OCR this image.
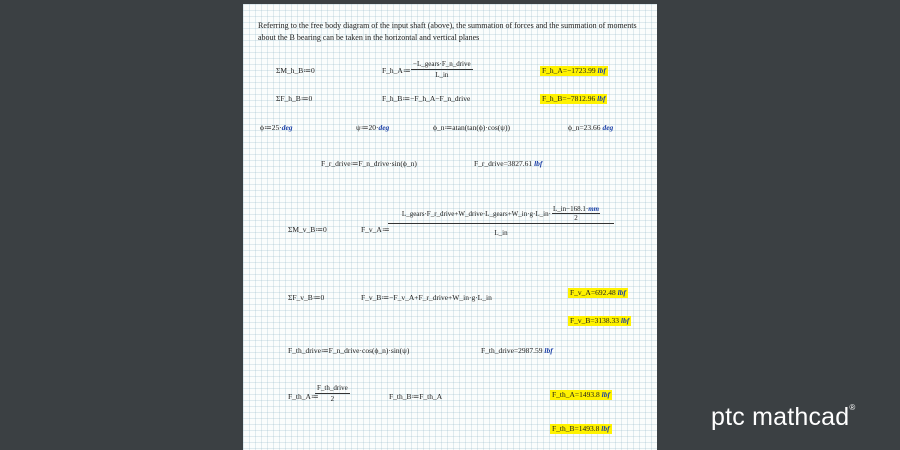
Referring to the free body diagram of the input shaft (above), the summation of forces and the summation of moments about the B bearing can be taken in the horizontal and vertical planes
ΣM_h_B≔0	F_h_A≔
−L_gears·F_n_drive
L_in	F_h_A=−1723.99 lbf
ΣF_h_B≔0	F_h_B≔−F_h_A−F_n_drive	F_h_B=−7812.96 lbf
ϕ≔25·deg	ψ≔20·deg	ϕ_n≔atan(tan(ϕ)·cos(ψ))	ϕ_n=23.66 deg
F_r_drive≔F_n_drive·sin(ϕ_n)	F_r_drive=3827.61 lbf
ΣM_v_B≔0	F_v_A≔
L_gears·F_r_drive+W_drive·L_gears+W_in·g·L_in· $\frac{L\_in-168.1\cdot mm}{2}$
L_in
ΣF_v_B≔0	F_v_B≔−F_v_A+F_r_drive+W_in·g·L_in
F_v_A=692.48 lbf
F_v_B=3138.33 lbf
F_th_drive≔F_n_drive·cos(ϕ_n)·sin(ψ)	F_th_drive=2987.59 lbf
F_th_A≔
F_th_drive
2	F_th_B≔F_th_A	F_th_A=1493.8 lbf
F_th_B=1493.8 lbf	ptc mathcad®
